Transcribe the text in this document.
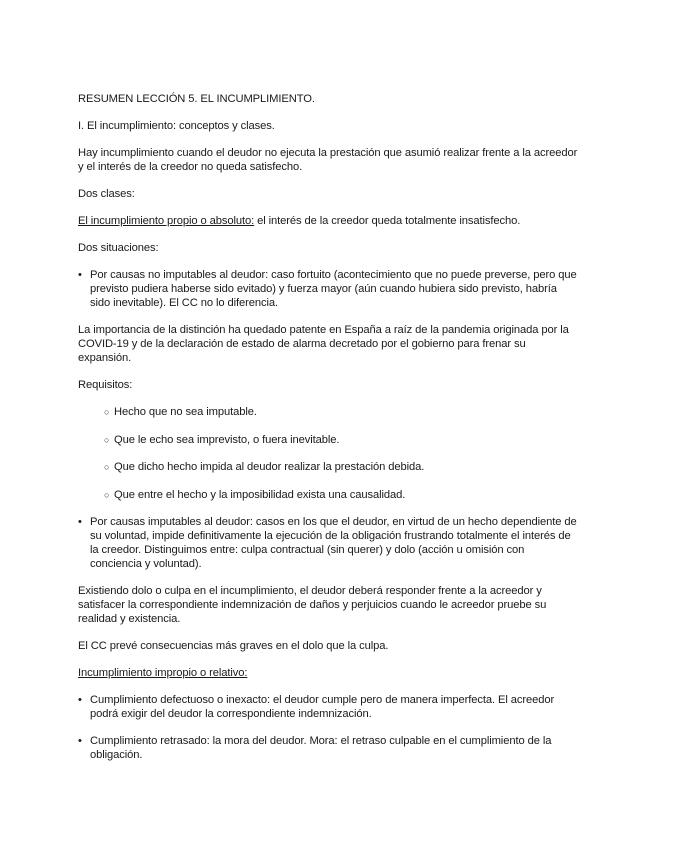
RESUMEN LECCIÓN 5. EL INCUMPLIMIENTO.

I. El incumplimiento: conceptos y clases.

Hay incumplimiento cuando el deudor no ejecuta la prestación que asumió realizar frente a la acreedor y el interés de la creedor no queda satisfecho.

Dos clases:

El incumplimiento propio o absoluto: el interés de la creedor queda totalmente insatisfecho.

Dos situaciones:

• Por causas no imputables al deudor: caso fortuito (acontecimiento que no puede preverse, pero que previsto pudiera haberse sido evitado) y fuerza mayor (aún cuando hubiera sido previsto, habría sido inevitable). El CC no lo diferencia.

La importancia de la distinción ha quedado patente en España a raíz de la pandemia originada por la COVID-19 y de la declaración de estado de alarma decretado por el gobierno para frenar su expansión.

Requisitos:

○ Hecho que no sea imputable.
○ Que le echo sea imprevisto, o fuera inevitable.
○ Que dicho hecho impida al deudor realizar la prestación debida.
○ Que entre el hecho y la imposibilidad exista una causalidad.
• Por causas imputables al deudor: casos en los que el deudor, en virtud de un hecho dependiente de su voluntad, impide definitivamente la ejecución de la obligación frustrando totalmente el interés de la creedor. Distinguimos entre: culpa contractual (sin querer) y dolo (acción u omisión con conciencia y voluntad).

Existiendo dolo o culpa en el incumplimiento, el deudor deberá responder frente a la acreedor y satisfacer la correspondiente indemnización de daños y perjuicios cuando le acreedor pruebe su realidad y existencia.

El CC prevé consecuencias más graves en el dolo que la culpa.

Incumplimiento impropio o relativo:

• Cumplimiento defectuoso o inexacto: el deudor cumple pero de manera imperfecta. El acreedor podrá exigir del deudor la correspondiente indemnización.
• Cumplimiento retrasado: la mora del deudor. Mora: el retraso culpable en el cumplimiento de la obligación.
